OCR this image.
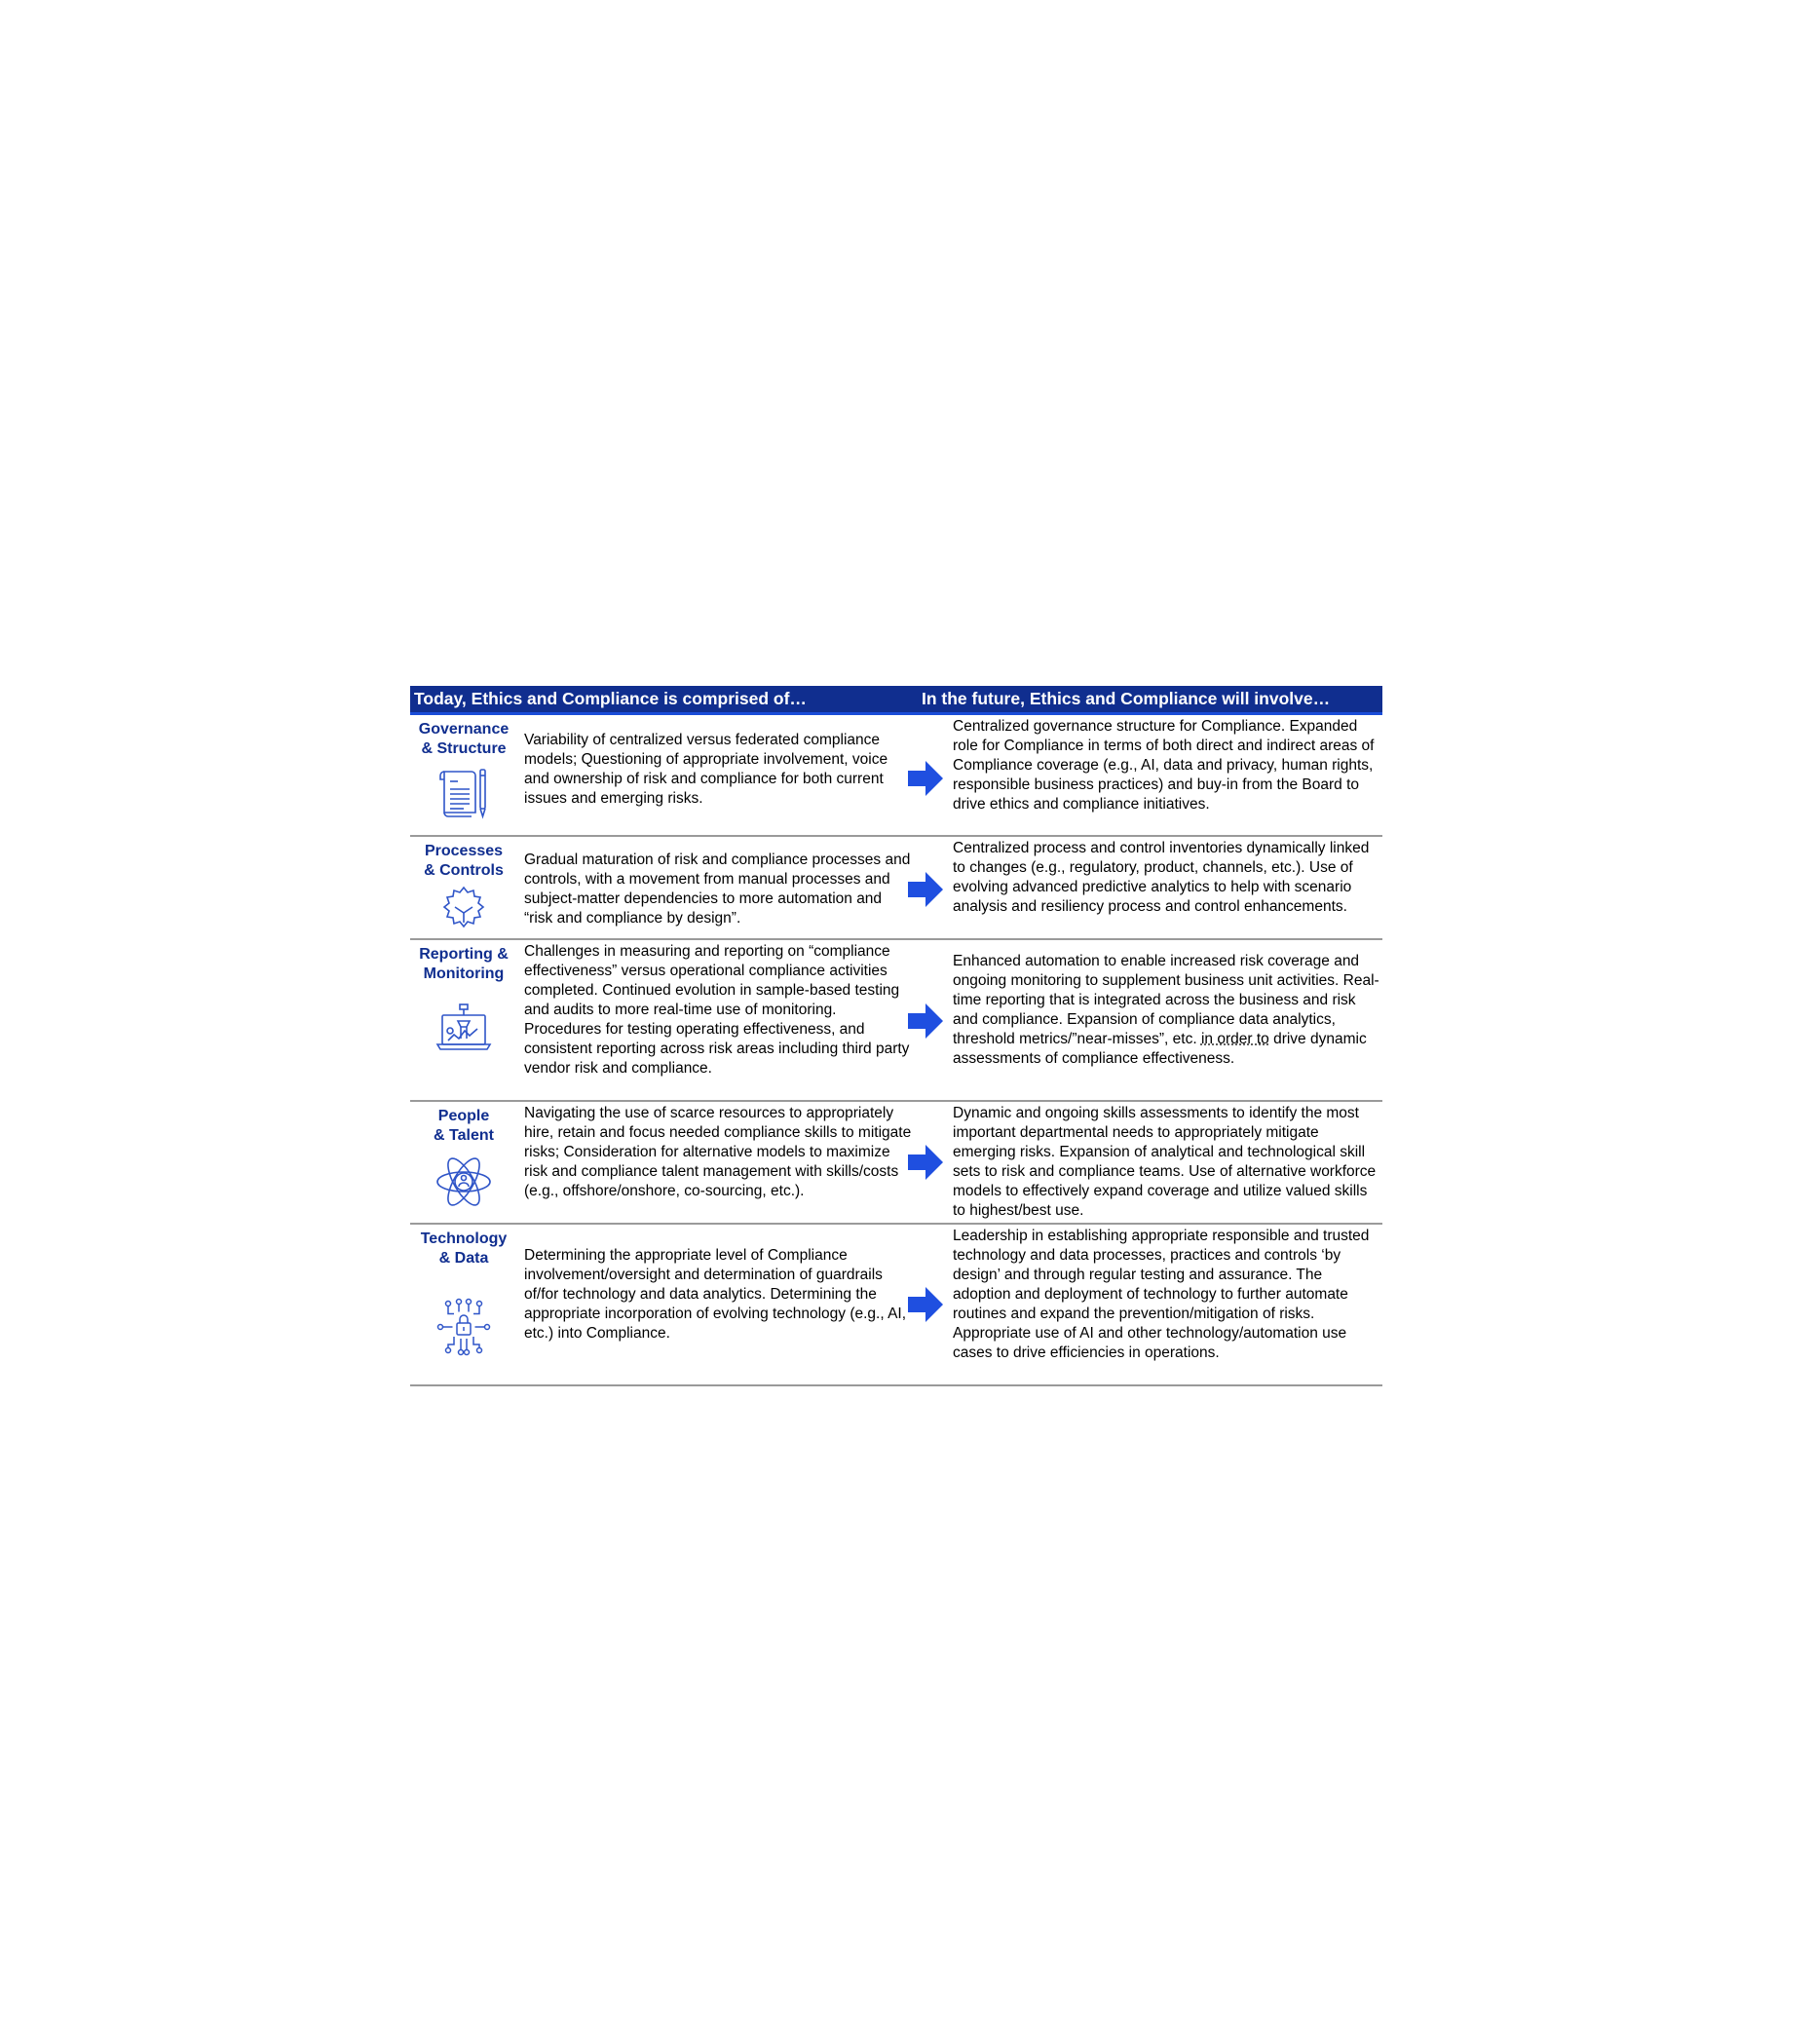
Today, Ethics and Compliance is comprised of…	In the future, Ethics and Compliance will involve…
Governance
& Structure
Variability of centralized versus federated compliance models; Questioning of appropriate involvement, voice and ownership of risk and compliance for both current issues and emerging risks.
Centralized governance structure for Compliance. Expanded role for Compliance in terms of both direct and indirect areas of Compliance coverage (e.g., AI, data and privacy, human rights, responsible business practices) and buy-in from the Board to drive ethics and compliance initiatives.
Processes
& Controls
Gradual maturation of risk and compliance processes and controls, with a movement from manual processes and subject-matter dependencies to more automation and “risk and compliance by design”.
Centralized process and control inventories dynamically linked to changes (e.g., regulatory, product, channels, etc.). Use of evolving advanced predictive analytics to help with scenario analysis and resiliency process and control enhancements.
Reporting &
Monitoring
Challenges in measuring and reporting on “compliance effectiveness” versus operational compliance activities completed. Continued evolution in sample-based testing and audits to more real-time use of monitoring. Procedures for testing operating effectiveness, and consistent reporting across risk areas including third party vendor risk and compliance.
Enhanced automation to enable increased risk coverage and ongoing monitoring to supplement business unit activities. Real-time reporting that is integrated across the business and risk and compliance. Expansion of compliance data analytics, threshold metrics/”near-misses”, etc. in order to drive dynamic assessments of compliance effectiveness.
People
& Talent
Navigating the use of scarce resources to appropriately hire, retain and focus needed compliance skills to mitigate risks; Consideration for alternative models to maximize risk and compliance talent management with skills/costs (e.g., offshore/onshore, co-sourcing, etc.).
Dynamic and ongoing skills assessments to identify the most important departmental needs to appropriately mitigate emerging risks. Expansion of analytical and technological skill sets to risk and compliance teams. Use of alternative workforce models to effectively expand coverage and utilize valued skills to highest/best use.
Technology
& Data	Determining the appropriate level of Compliance involvement/oversight and determination of guardrails of/for technology and data analytics. Determining the appropriate incorporation of evolving technology (e.g., AI, etc.) into Compliance.
Leadership in establishing appropriate responsible and trusted technology and data processes, practices and controls ‘by design’ and through regular testing and assurance. The adoption and deployment of technology to further automate routines and expand the prevention/mitigation of risks. Appropriate use of AI and other technology/automation use cases to drive efficiencies in operations.
